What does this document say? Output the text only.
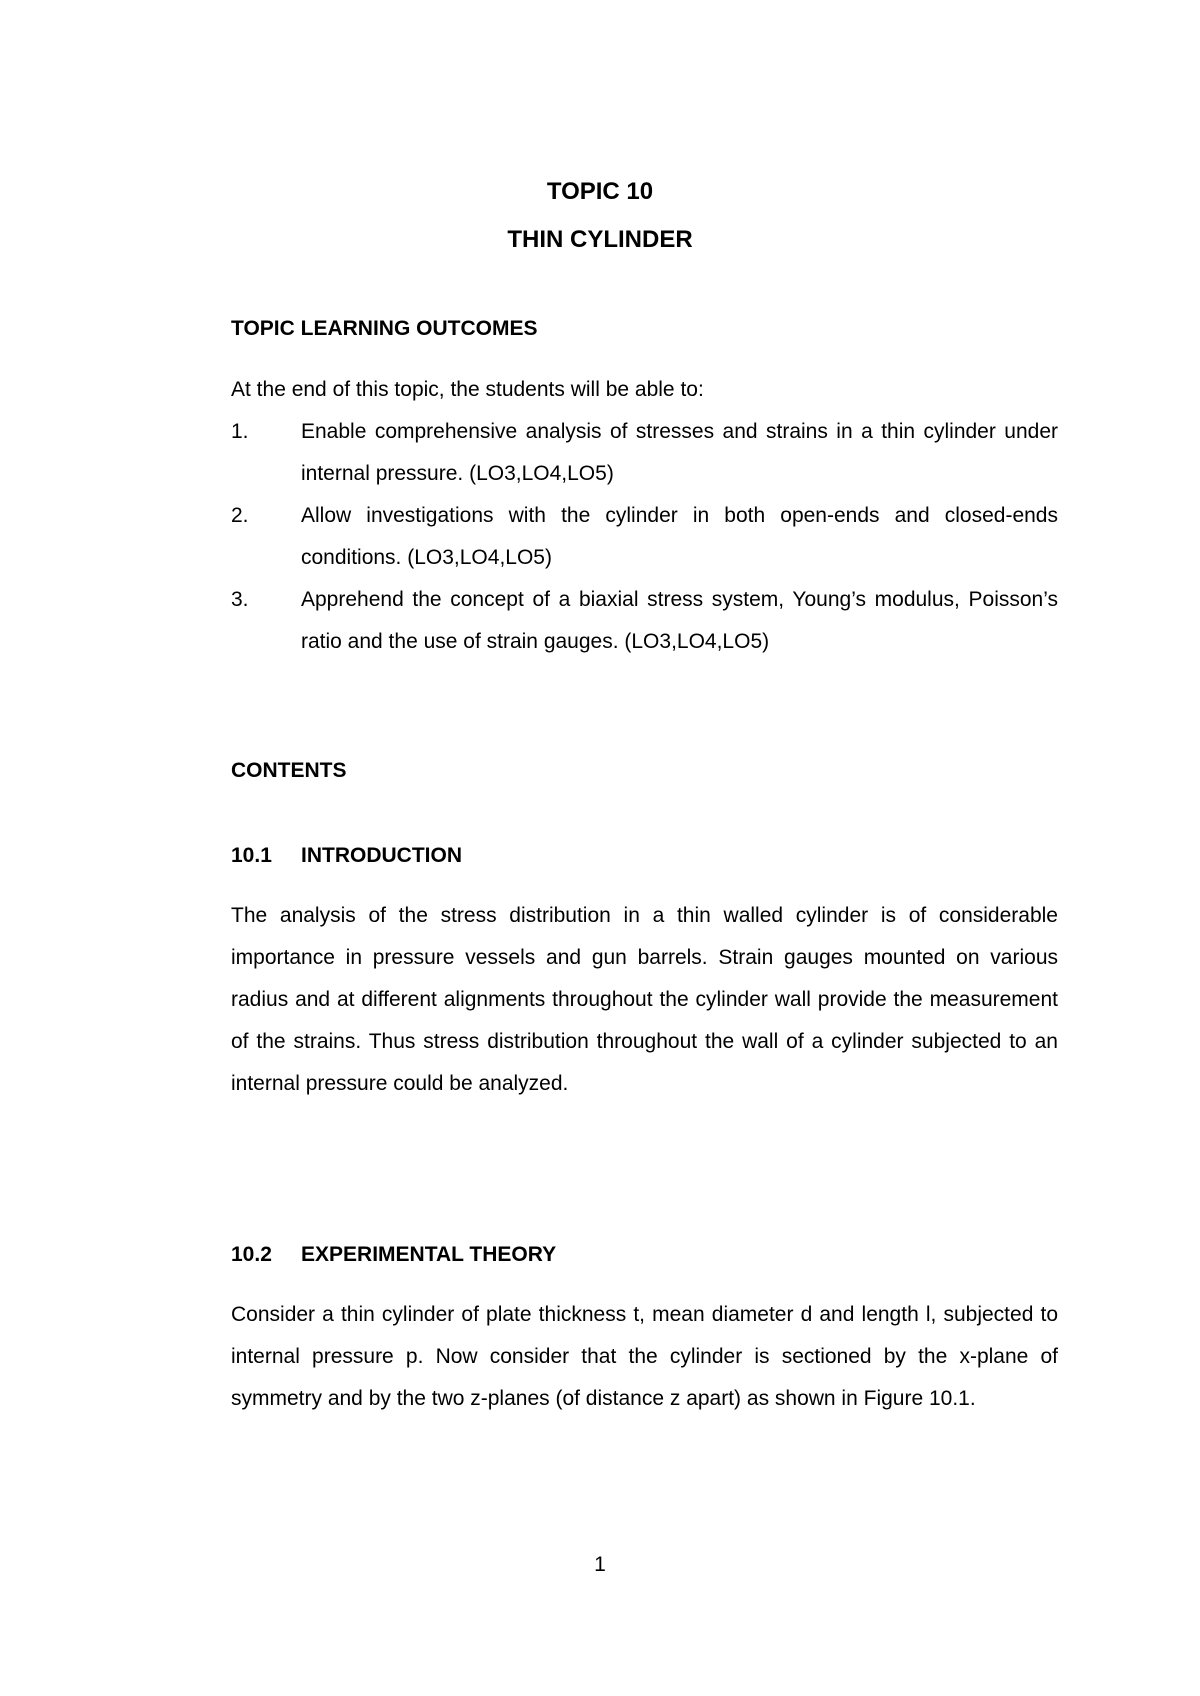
TOPIC 10
THIN CYLINDER
TOPIC LEARNING OUTCOMES
At the end of this topic, the students will be able to:
1. Enable comprehensive analysis of stresses and strains in a thin cylinder under internal pressure. (LO3,LO4,LO5)
2. Allow investigations with the cylinder in both open-ends and closed-ends conditions. (LO3,LO4,LO5)
3. Apprehend the concept of a biaxial stress system, Young’s modulus, Poisson’s ratio and the use of strain gauges. (LO3,LO4,LO5)
CONTENTS
10.1 INTRODUCTION
The analysis of the stress distribution in a thin walled cylinder is of considerable importance in pressure vessels and gun barrels. Strain gauges mounted on various radius and at different alignments throughout the cylinder wall provide the measurement of the strains. Thus stress distribution throughout the wall of a cylinder subjected to an internal pressure could be analyzed.
10.2 EXPERIMENTAL THEORY
Consider a thin cylinder of plate thickness t, mean diameter d and length l, subjected to internal pressure p. Now consider that the cylinder is sectioned by the x-plane of symmetry and by the two z-planes (of distance z apart) as shown in Figure 10.1.
1
